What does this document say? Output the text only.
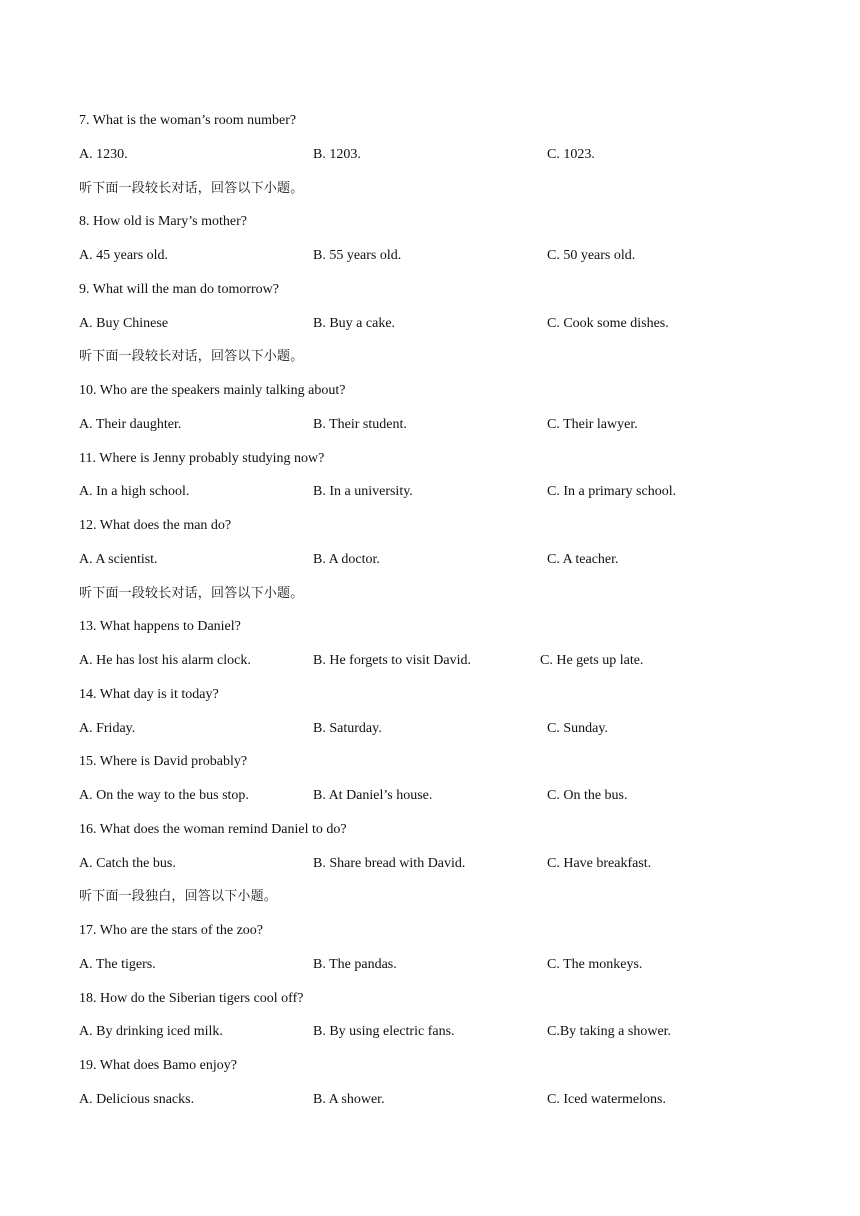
7. What is the woman’s room number?
A. 1230.	B. 1203.	C. 1023.
听下面一段较长对话，回答以下小题。
8. How old is Mary’s mother?
A. 45 years old.	B. 55 years old.	C. 50 years old.
9. What will the man do tomorrow?
A. Buy Chinese	B. Buy a cake.	C. Cook some dishes.
听下面一段较长对话，回答以下小题。
10. Who are the speakers mainly talking about?
A. Their daughter.	B. Their student.	C. Their lawyer.
11. Where is Jenny probably studying now?
A. In a high school.	B. In a university.	C. In a primary school.
12. What does the man do?
A. A scientist.	B. A doctor.	C. A teacher.
听下面一段较长对话，回答以下小题。
13. What happens to Daniel?
A. He has lost his alarm clock.	B. He forgets to visit David.	C. He gets up late.
14. What day is it today?
A. Friday.	B. Saturday.	C. Sunday.
15. Where is David probably?
A. On the way to the bus stop.	B. At Daniel’s house.	C. On the bus.
16. What does the woman remind Daniel to do?
A. Catch the bus.	B. Share bread with David.	C. Have breakfast.
听下面一段独白，回答以下小题。
17. Who are the stars of the zoo?
A. The tigers.	B. The pandas.	C. The monkeys.
18. How do the Siberian tigers cool off?
A. By drinking iced milk.	B. By using electric fans.	C.By taking a shower.
19. What does Bamo enjoy?
A. Delicious snacks.	B. A shower.	C. Iced watermelons.
